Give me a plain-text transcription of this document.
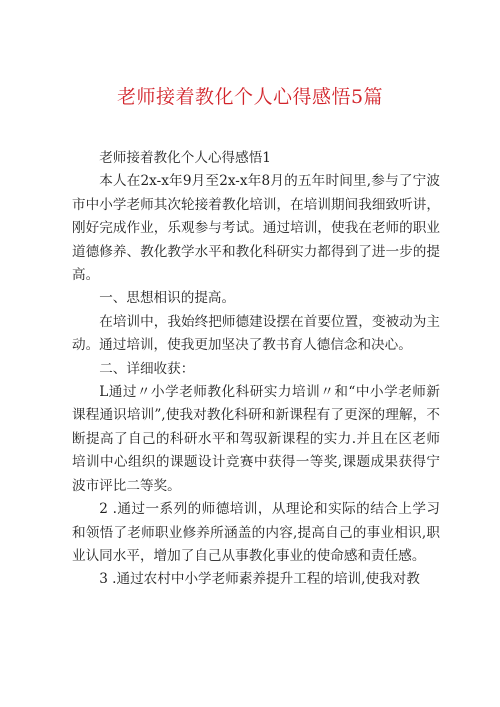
老师接着教化个人心得感悟5篇

老师接着教化个人心得感悟1

本人在2x-x年9月至2x-x年8月的五年时间里,参与了宁波市中小学老师其次轮接着教化培训，在培训期间我细致听讲，刚好完成作业，乐观参与考试。通过培训，使我在老师的职业道德修养、教化教学水平和教化科研实力都得到了进一步的提高。

一、思想相识的提高。

在培训中，我始终把师德建设摆在首要位置，变被动为主动。通过培训，使我更加坚决了教书育人德信念和决心。

二、详细收获：

L通过〃小学老师教化科研实力培训〃和“中小学老师新课程通识培训”,使我对教化科研和新课程有了更深的理解，不断提高了自己的科研水平和驾驭新课程的实力.并且在区老师培训中心组织的课题设计竞赛中获得一等奖,课题成果获得宁波市评比二等奖。

2 .通过一系列的师德培训，从理论和实际的结合上学习和领悟了老师职业修养所涵盖的内容,提高自己的事业相识,职业认同水平，增加了自己从事教化事业的使命感和责任感。

3 .通过农村中小学老师素养提升工程的培训,使我对教
